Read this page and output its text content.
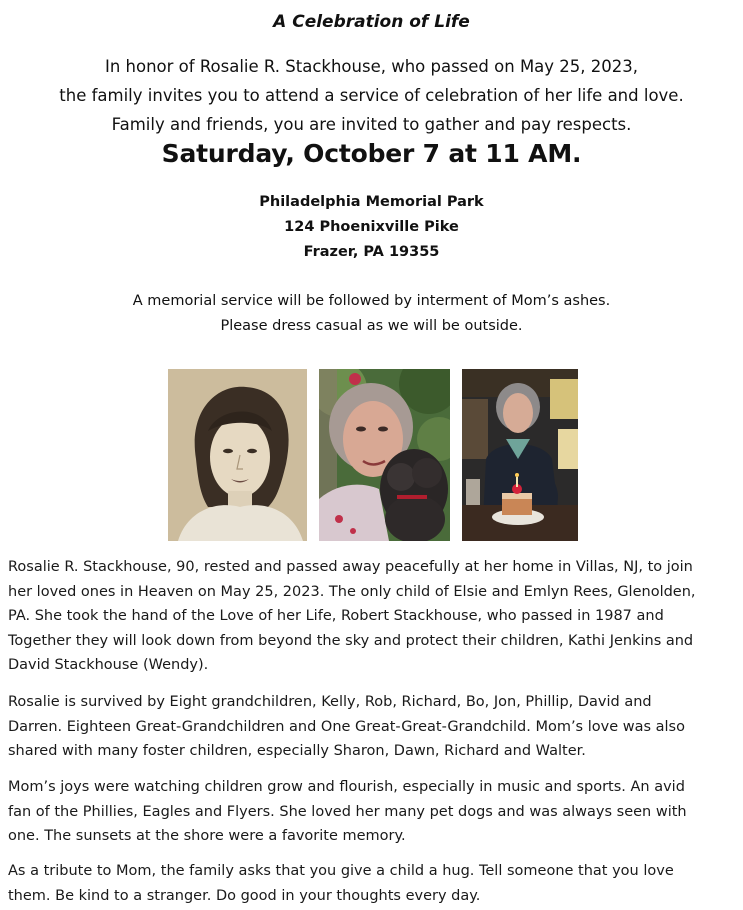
A Celebration of Life
In honor of Rosalie R. Stackhouse, who passed on May 25, 2023,
the family invites you to attend a service of celebration of her life and love.
Family and friends, you are invited to gather and pay respects.
Saturday, October 7 at 11 AM.
Philadelphia Memorial Park
124 Phoenixville Pike
Frazer, PA 19355
A memorial service will be followed by interment of Mom’s ashes.
Please dress casual as we will be outside.
Rosalie R. Stackhouse, 90, rested and passed away peacefully at her home in Villas, NJ, to join
her loved ones in Heaven on May 25, 2023. The only child of Elsie and Emlyn Rees, Glenolden,
PA. She took the hand of the Love of her Life, Robert Stackhouse, who passed in 1987 and
Together they will look down from beyond the sky and protect their children, Kathi Jenkins and
David Stackhouse (Wendy).
Rosalie is survived by Eight grandchildren, Kelly, Rob, Richard, Bo, Jon, Phillip, David and
Darren. Eighteen Great-Grandchildren and One Great-Great-Grandchild. Mom’s love was also
shared with many foster children, especially Sharon, Dawn, Richard and Walter.
Mom’s joys were watching children grow and flourish, especially in music and sports. An avid
fan of the Phillies, Eagles and Flyers. She loved her many pet dogs and was always seen with
one. The sunsets at the shore were a favorite memory.
As a tribute to Mom, the family asks that you give a child a hug. Tell someone that you love
them. Be kind to a stranger. Do good in your thoughts every day.
